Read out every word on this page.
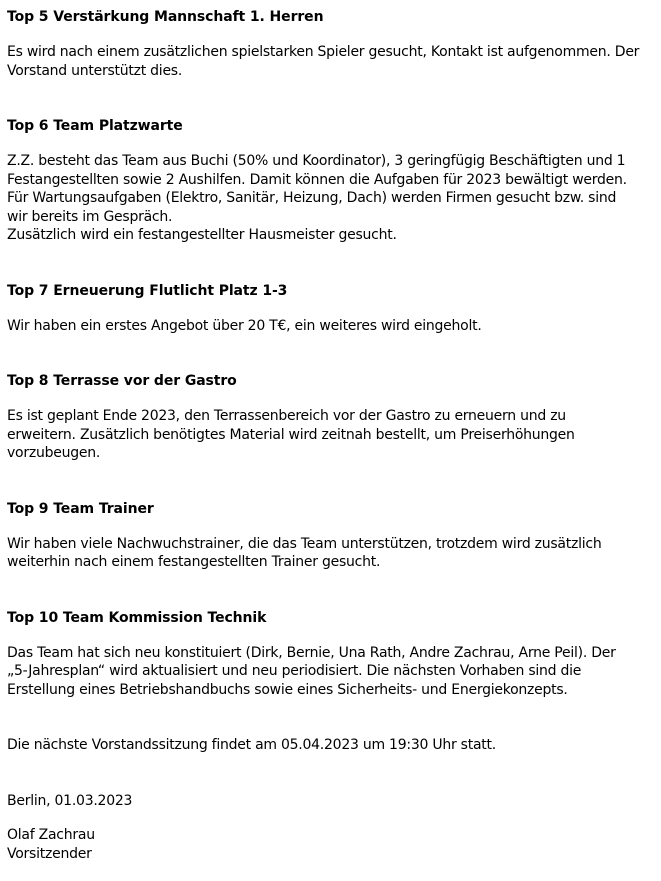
Top 5 Verstärkung Mannschaft 1. Herren

Es wird nach einem zusätzlichen spielstarken Spieler gesucht, Kontakt ist aufgenommen. Der
Vorstand unterstützt dies.

Top 6 Team Platzwarte

Z.Z. besteht das Team aus Buchi (50% und Koordinator), 3 geringfügig Beschäftigten und 1
Festangestellten sowie 2 Aushilfen. Damit können die Aufgaben für 2023 bewältigt werden.
Für Wartungsaufgaben (Elektro, Sanitär, Heizung, Dach) werden Firmen gesucht bzw. sind
wir bereits im Gespräch.
Zusätzlich wird ein festangestellter Hausmeister gesucht.

Top 7 Erneuerung Flutlicht Platz 1-3

Wir haben ein erstes Angebot über 20 T€, ein weiteres wird eingeholt.

Top 8 Terrasse vor der Gastro

Es ist geplant Ende 2023, den Terrassenbereich vor der Gastro zu erneuern und zu
erweitern. Zusätzlich benötigtes Material wird zeitnah bestellt, um Preiserhöhungen
vorzubeugen.

Top 9 Team Trainer

Wir haben viele Nachwuchstrainer, die das Team unterstützen, trotzdem wird zusätzlich
weiterhin nach einem festangestellten Trainer gesucht.

Top 10 Team Kommission Technik

Das Team hat sich neu konstituiert (Dirk, Bernie, Una Rath, Andre Zachrau, Arne Peil). Der
„5-Jahresplan“ wird aktualisiert und neu periodisiert. Die nächsten Vorhaben sind die
Erstellung eines Betriebshandbuchs sowie eines Sicherheits- und Energiekonzepts.

Die nächste Vorstandssitzung findet am 05.04.2023 um 19:30 Uhr statt.

Berlin, 01.03.2023

Olaf Zachrau
Vorsitzender
